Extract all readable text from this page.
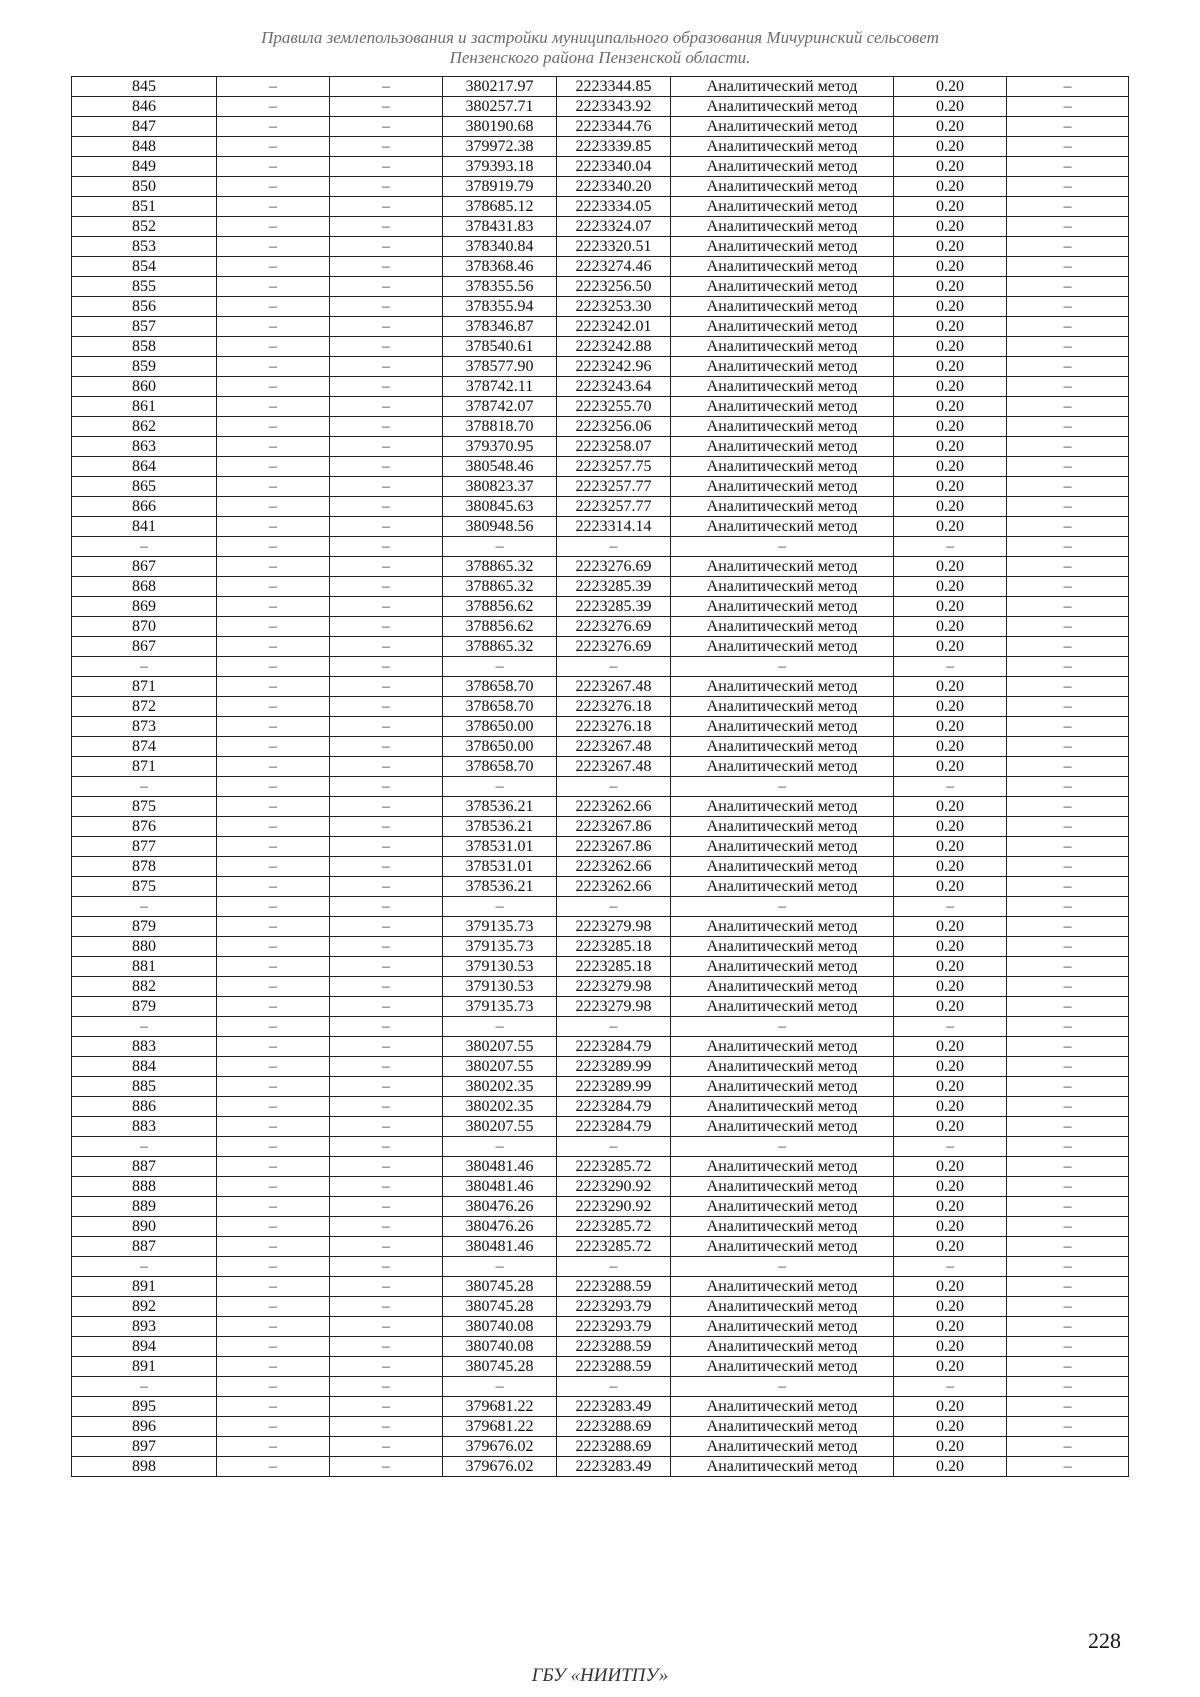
Правила землепользования и застройки муниципального образования Мичуринский сельсовет
Пензенского района Пензенской области.
845	–	–	380217.97	2223344.85	Аналитический метод	0.20	–
846	–	–	380257.71	2223343.92	Аналитический метод	0.20	–
847	–	–	380190.68	2223344.76	Аналитический метод	0.20	–
848	–	–	379972.38	2223339.85	Аналитический метод	0.20	–
849	–	–	379393.18	2223340.04	Аналитический метод	0.20	–
850	–	–	378919.79	2223340.20	Аналитический метод	0.20	–
851	–	–	378685.12	2223334.05	Аналитический метод	0.20	–
852	–	–	378431.83	2223324.07	Аналитический метод	0.20	–
853	–	–	378340.84	2223320.51	Аналитический метод	0.20	–
854	–	–	378368.46	2223274.46	Аналитический метод	0.20	–
855	–	–	378355.56	2223256.50	Аналитический метод	0.20	–
856	–	–	378355.94	2223253.30	Аналитический метод	0.20	–
857	–	–	378346.87	2223242.01	Аналитический метод	0.20	–
858	–	–	378540.61	2223242.88	Аналитический метод	0.20	–
859	–	–	378577.90	2223242.96	Аналитический метод	0.20	–
860	–	–	378742.11	2223243.64	Аналитический метод	0.20	–
861	–	–	378742.07	2223255.70	Аналитический метод	0.20	–
862	–	–	378818.70	2223256.06	Аналитический метод	0.20	–
863	–	–	379370.95	2223258.07	Аналитический метод	0.20	–
864	–	–	380548.46	2223257.75	Аналитический метод	0.20	–
865	–	–	380823.37	2223257.77	Аналитический метод	0.20	–
866	–	–	380845.63	2223257.77	Аналитический метод	0.20	–
841	–	–	380948.56	2223314.14	Аналитический метод	0.20	–
–	–	–	–	–	–	–	–
867	–	–	378865.32	2223276.69	Аналитический метод	0.20	–
868	–	–	378865.32	2223285.39	Аналитический метод	0.20	–
869	–	–	378856.62	2223285.39	Аналитический метод	0.20	–
870	–	–	378856.62	2223276.69	Аналитический метод	0.20	–
867	–	–	378865.32	2223276.69	Аналитический метод	0.20	–
–	–	–	–	–	–	–	–
871	–	–	378658.70	2223267.48	Аналитический метод	0.20	–
872	–	–	378658.70	2223276.18	Аналитический метод	0.20	–
873	–	–	378650.00	2223276.18	Аналитический метод	0.20	–
874	–	–	378650.00	2223267.48	Аналитический метод	0.20	–
871	–	–	378658.70	2223267.48	Аналитический метод	0.20	–
–	–	–	–	–	–	–	–
875	–	–	378536.21	2223262.66	Аналитический метод	0.20	–
876	–	–	378536.21	2223267.86	Аналитический метод	0.20	–
877	–	–	378531.01	2223267.86	Аналитический метод	0.20	–
878	–	–	378531.01	2223262.66	Аналитический метод	0.20	–
875	–	–	378536.21	2223262.66	Аналитический метод	0.20	–
–	–	–	–	–	–	–	–
879	–	–	379135.73	2223279.98	Аналитический метод	0.20	–
880	–	–	379135.73	2223285.18	Аналитический метод	0.20	–
881	–	–	379130.53	2223285.18	Аналитический метод	0.20	–
882	–	–	379130.53	2223279.98	Аналитический метод	0.20	–
879	–	–	379135.73	2223279.98	Аналитический метод	0.20	–
–	–	–	–	–	–	–	–
883	–	–	380207.55	2223284.79	Аналитический метод	0.20	–
884	–	–	380207.55	2223289.99	Аналитический метод	0.20	–
885	–	–	380202.35	2223289.99	Аналитический метод	0.20	–
886	–	–	380202.35	2223284.79	Аналитический метод	0.20	–
883	–	–	380207.55	2223284.79	Аналитический метод	0.20	–
–	–	–	–	–	–	–	–
887	–	–	380481.46	2223285.72	Аналитический метод	0.20	–
888	–	–	380481.46	2223290.92	Аналитический метод	0.20	–
889	–	–	380476.26	2223290.92	Аналитический метод	0.20	–
890	–	–	380476.26	2223285.72	Аналитический метод	0.20	–
887	–	–	380481.46	2223285.72	Аналитический метод	0.20	–
–	–	–	–	–	–	–	–
891	–	–	380745.28	2223288.59	Аналитический метод	0.20	–
892	–	–	380745.28	2223293.79	Аналитический метод	0.20	–
893	–	–	380740.08	2223293.79	Аналитический метод	0.20	–
894	–	–	380740.08	2223288.59	Аналитический метод	0.20	–
891	–	–	380745.28	2223288.59	Аналитический метод	0.20	–
–	–	–	–	–	–	–	–
895	–	–	379681.22	2223283.49	Аналитический метод	0.20	–
896	–	–	379681.22	2223288.69	Аналитический метод	0.20	–
897	–	–	379676.02	2223288.69	Аналитический метод	0.20	–
898	–	–	379676.02	2223283.49	Аналитический метод	0.20	–
228
ГБУ «НИИТПУ»
